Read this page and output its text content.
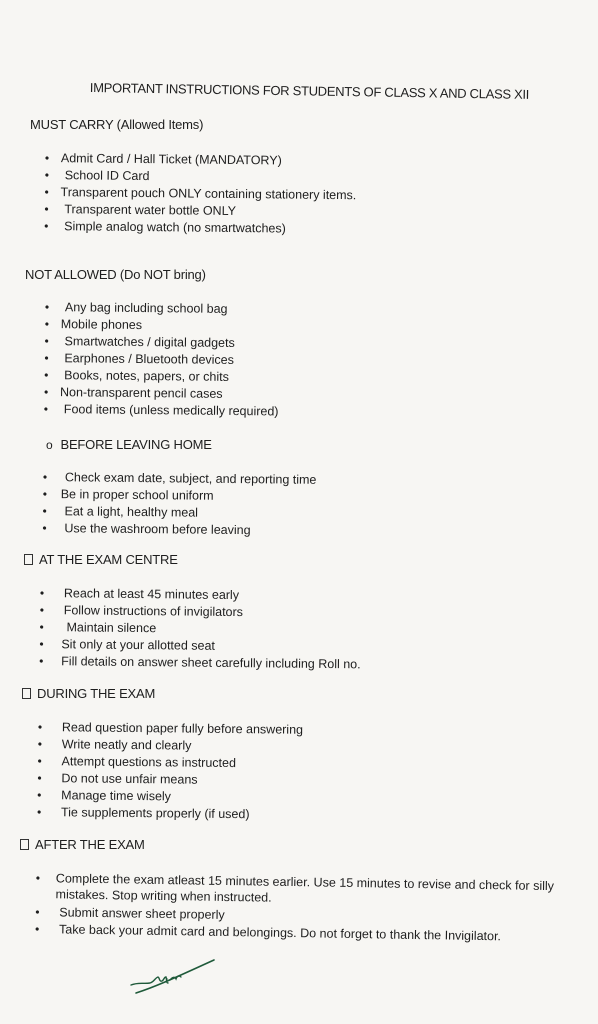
IMPORTANT INSTRUCTIONS FOR STUDENTS OF CLASS X AND CLASS XII
MUST CARRY (Allowed Items)
• Admit Card / Hall Ticket (MANDATORY)
• School ID Card
• Transparent pouch ONLY containing stationery items.
• Transparent water bottle ONLY
• Simple analog watch (no smartwatches)
NOT ALLOWED (Do NOT bring)
• Any bag including school bag
• Mobile phones
• Smartwatches / digital gadgets
• Earphones / Bluetooth devices
• Books, notes, papers, or chits
• Non-transparent pencil cases
• Food items (unless medically required)
o BEFORE LEAVING HOME
• Check exam date, subject, and reporting time
• Be in proper school uniform
• Eat a light, healthy meal
• Use the washroom before leaving
AT THE EXAM CENTRE
• Reach at least 45 minutes early
• Follow instructions of invigilators
• Maintain silence
• Sit only at your allotted seat
• Fill details on answer sheet carefully including Roll no.
DURING THE EXAM
• Read question paper fully before answering
• Write neatly and clearly
• Attempt questions as instructed
• Do not use unfair means
• Manage time wisely
• Tie supplements properly (if used)
AFTER THE EXAM
• Complete the exam atleast 15 minutes earlier. Use 15 minutes to revise and check for silly mistakes. Stop writing when instructed.
• Submit answer sheet properly
• Take back your admit card and belongings. Do not forget to thank the Invigilator.
